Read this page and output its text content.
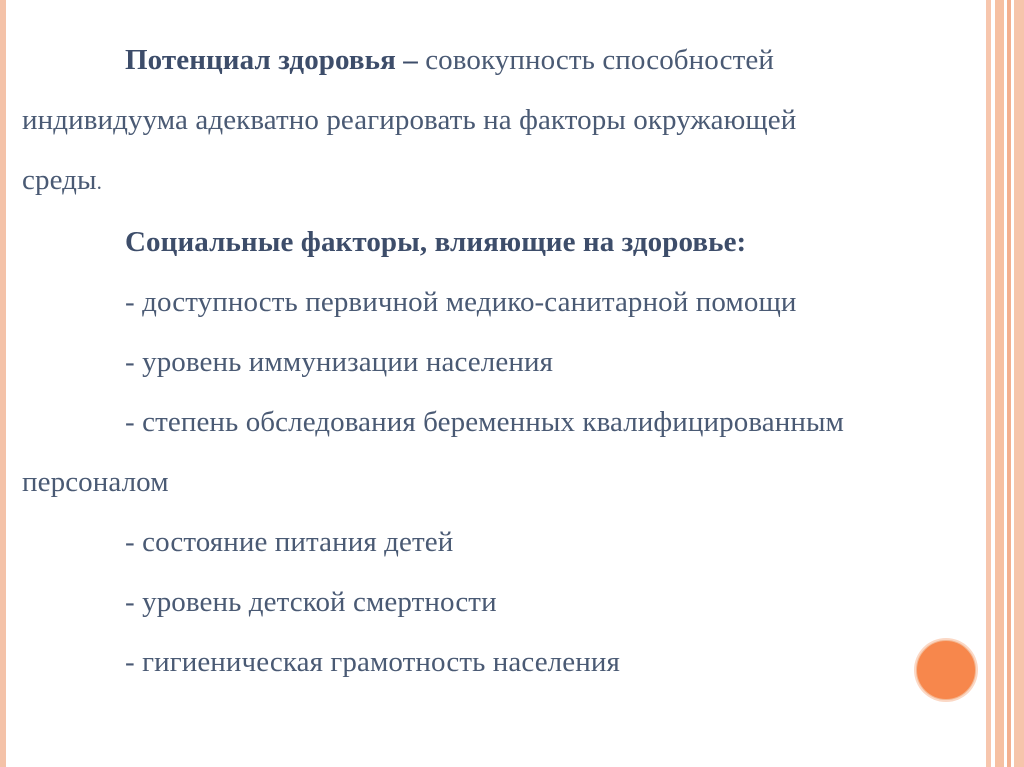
Потенциал здоровья – совокупность способностей
индивидуума адекватно реагировать на факторы окружающей
среды.
Социальные факторы, влияющие на здоровье:
- доступность первичной медико-санитарной помощи
- уровень иммунизации населения
- степень обследования беременных квалифицированным
персоналом
- состояние питания детей
- уровень детской смертности
- гигиеническая грамотность населения
